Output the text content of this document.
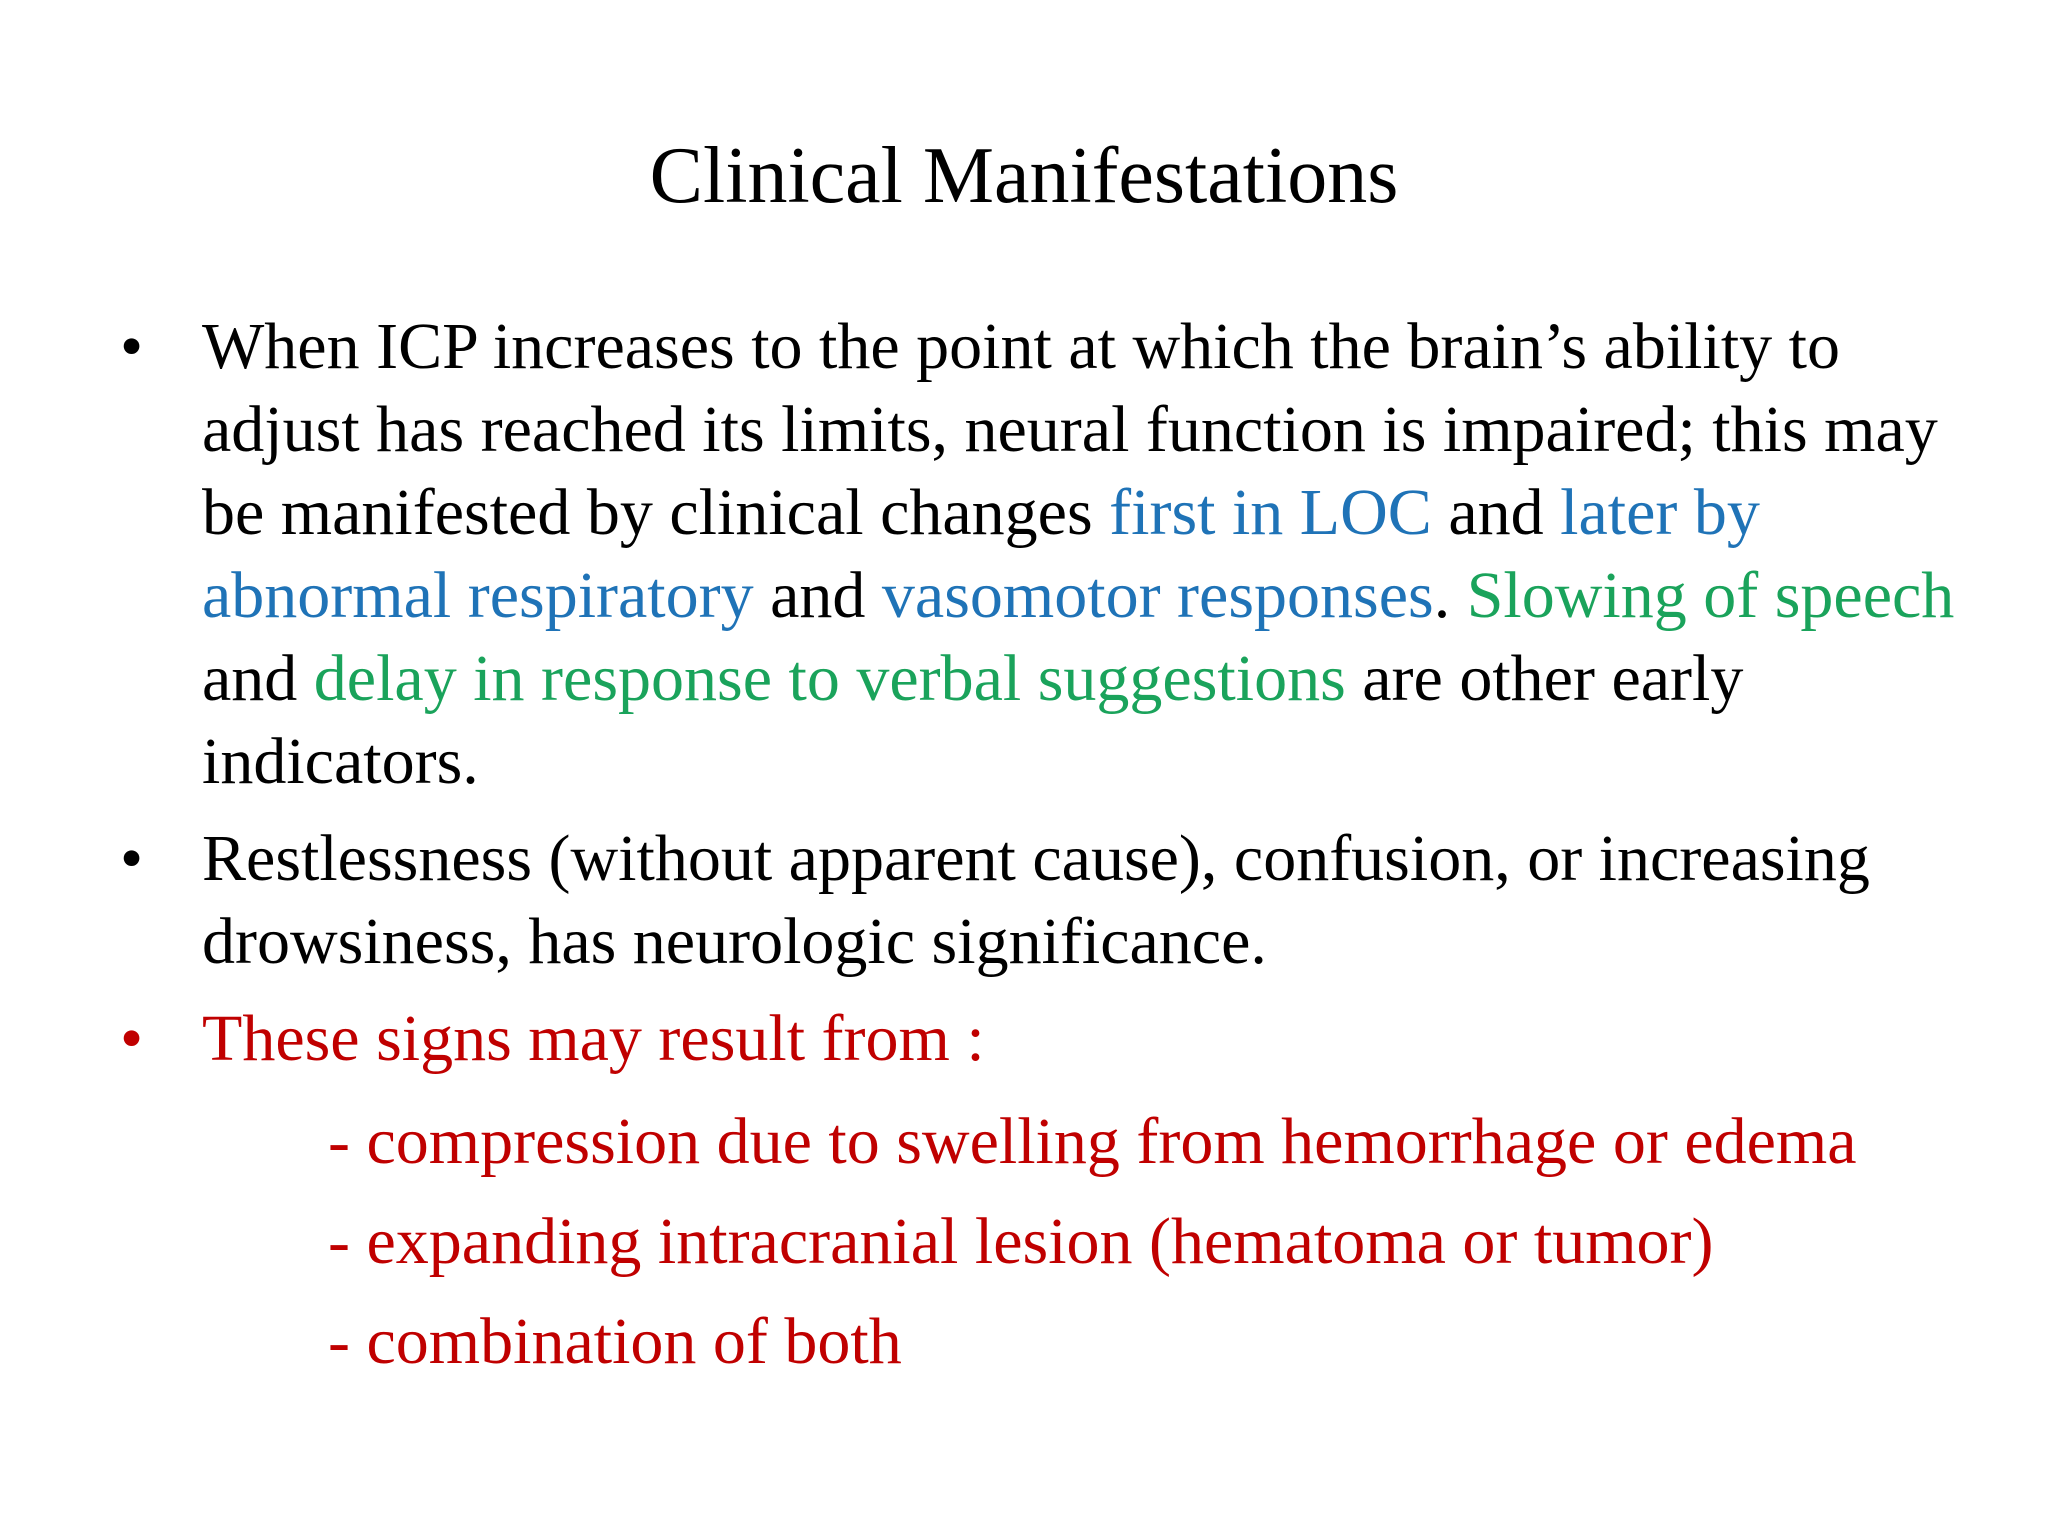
Clinical Manifestations
• When ICP increases to the point at which the brain’s ability to adjust has reached its limits, neural function is impaired; this may be manifested by clinical changes first in LOC and later by abnormal respiratory and vasomotor responses. Slowing of speech and delay in response to verbal suggestions are other early indicators.
• Restlessness (without apparent cause), confusion, or increasing drowsiness, has neurologic significance.
• These signs may result from :
- compression due to swelling from hemorrhage or edema
- expanding intracranial lesion (hematoma or tumor)
- combination of both
